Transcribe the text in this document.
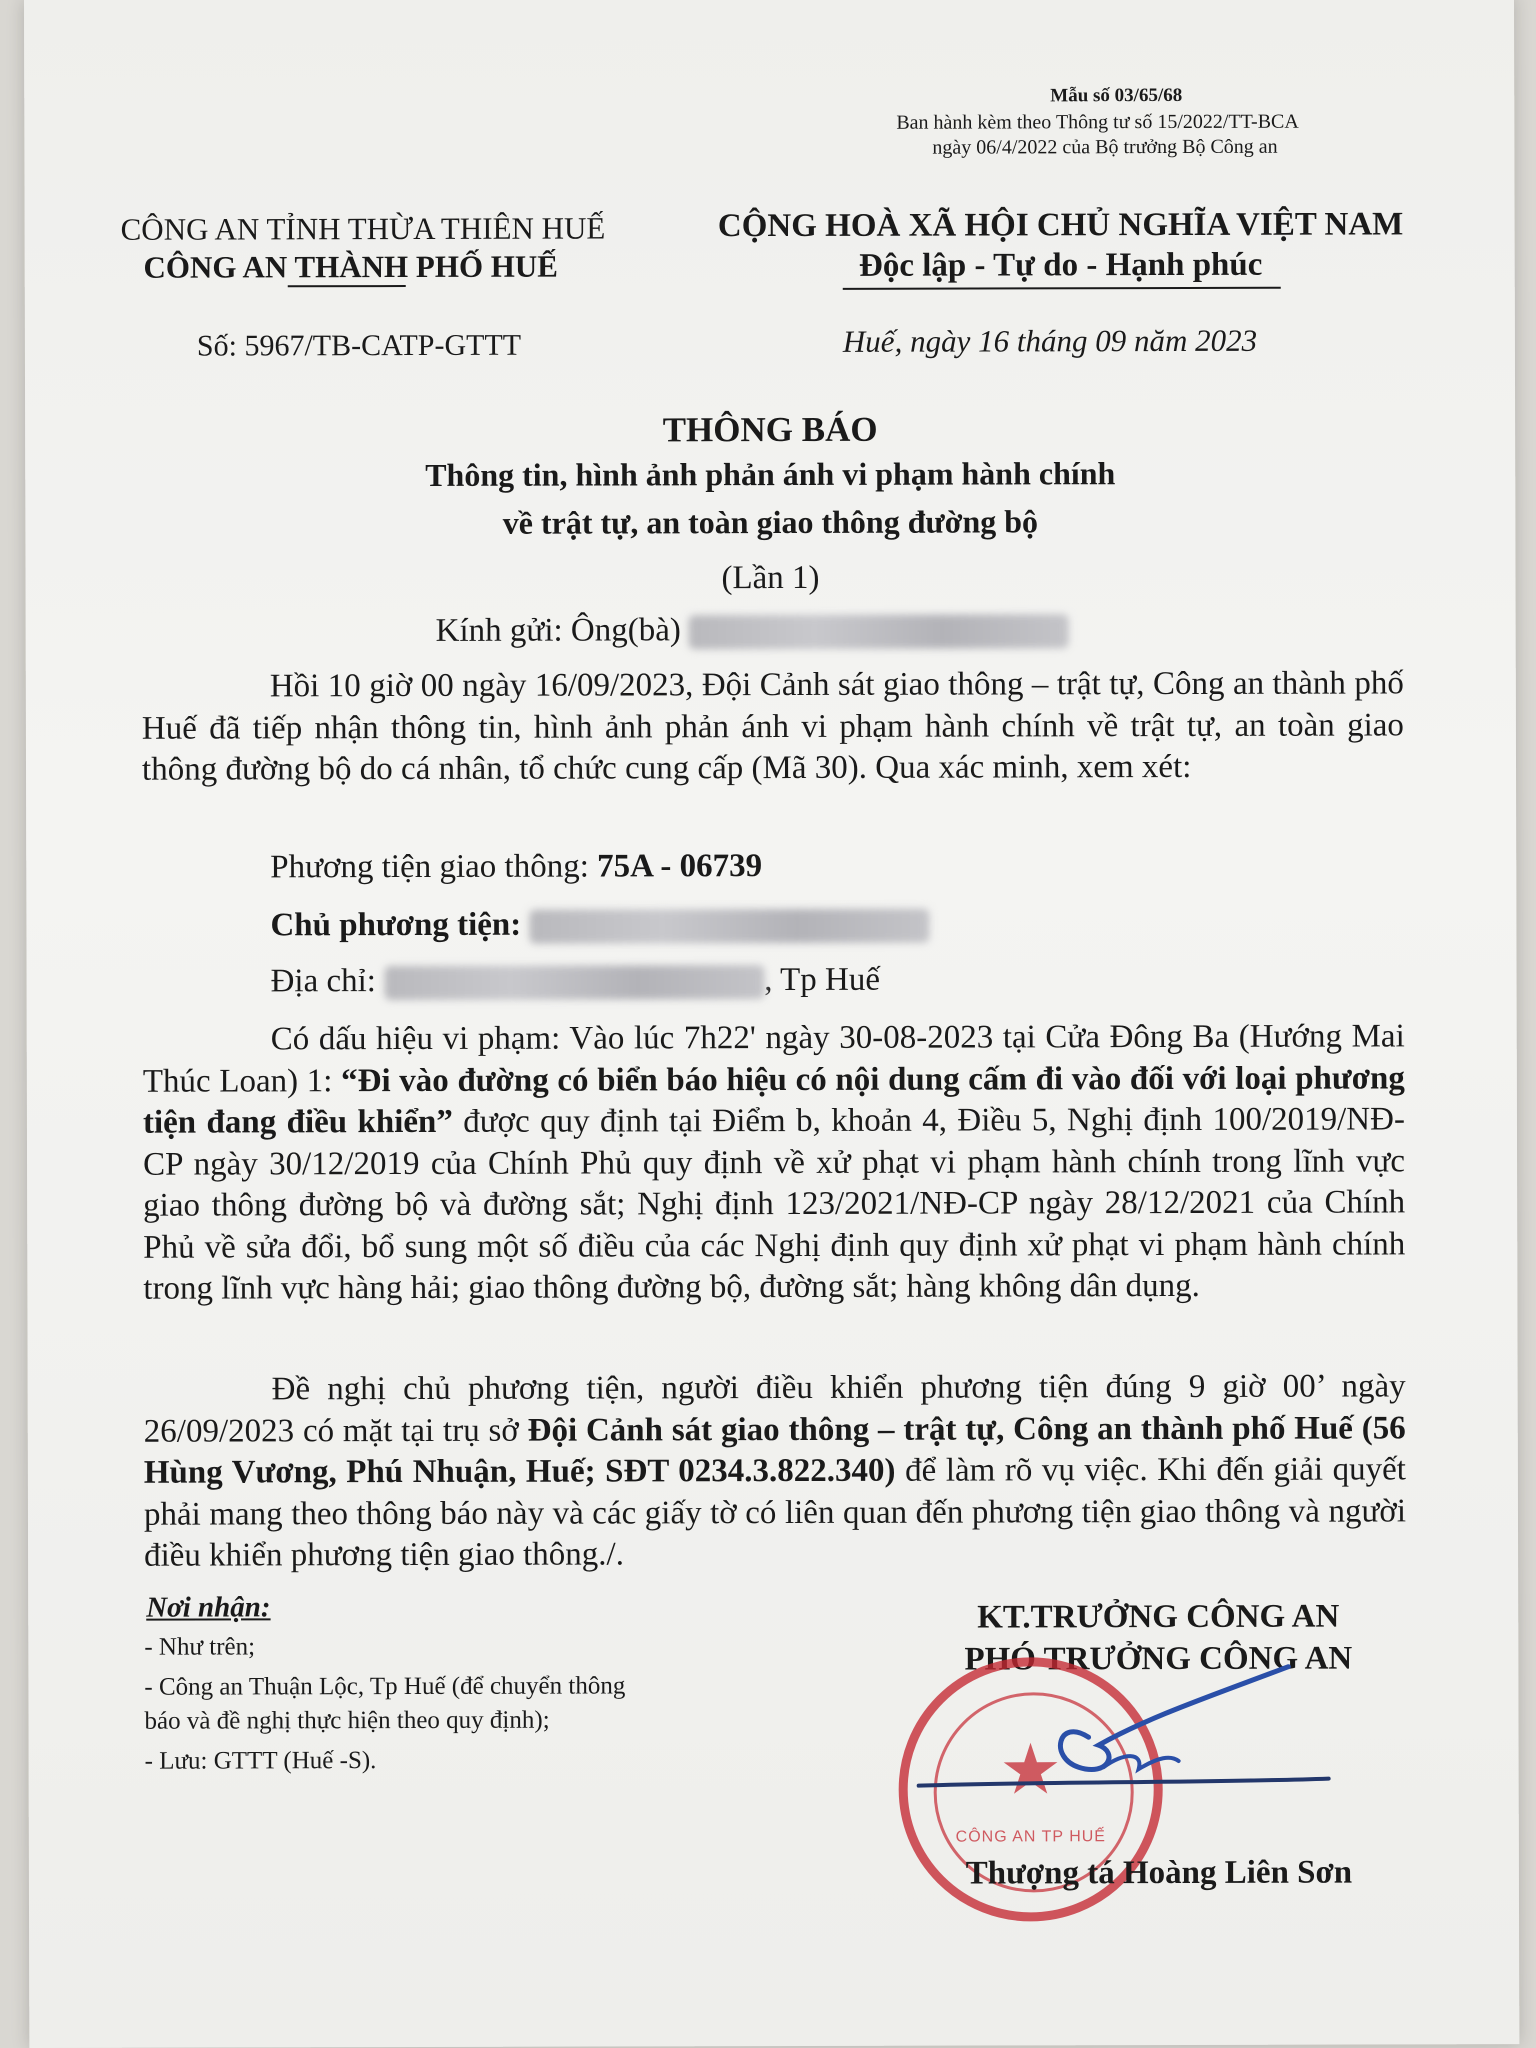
Mẫu số 03/65/68
Ban hành kèm theo Thông tư số 15/2022/TT-BCA
ngày 06/4/2022 của Bộ trưởng Bộ Công an
CÔNG AN TỈNH THỪA THIÊN HUẾ
CÔNG AN THÀNH PHỐ HUẾ
Số: 5967/TB-CATP-GTTT
CỘNG HOÀ XÃ HỘI CHỦ NGHĨA VIỆT NAM
Độc lập - Tự do - Hạnh phúc
Huế, ngày 16 tháng 09 năm 2023
THÔNG BÁO
Thông tin, hình ảnh phản ánh vi phạm hành chính
về trật tự, an toàn giao thông đường bộ
(Lần 1)
Kính gửi: Ông(bà)
Hồi 10 giờ 00 ngày 16/09/2023, Đội Cảnh sát giao thông – trật tự, Công an thành phố Huế đã tiếp nhận thông tin, hình ảnh phản ánh vi phạm hành chính về trật tự, an toàn giao thông đường bộ do cá nhân, tổ chức cung cấp (Mã 30). Qua xác minh, xem xét:
Phương tiện giao thông: 75A - 06739
Chủ phương tiện:
Địa chỉ:	, Tp Huế
Có dấu hiệu vi phạm: Vào lúc 7h22' ngày 30-08-2023 tại Cửa Đông Ba (Hướng Mai Thúc Loan) 1: “Đi vào đường có biển báo hiệu có nội dung cấm đi vào đối với loại phương tiện đang điều khiển” được quy định tại Điểm b, khoản 4, Điều 5, Nghị định 100/2019/NĐ-CP ngày 30/12/2019 của Chính Phủ quy định về xử phạt vi phạm hành chính trong lĩnh vực giao thông đường bộ và đường sắt; Nghị định 123/2021/NĐ-CP ngày 28/12/2021 của Chính Phủ về sửa đổi, bổ sung một số điều của các Nghị định quy định xử phạt vi phạm hành chính trong lĩnh vực hàng hải; giao thông đường bộ, đường sắt; hàng không dân dụng.
Đề nghị chủ phương tiện, người điều khiển phương tiện đúng 9 giờ 00’ ngày 26/09/2023 có mặt tại trụ sở Đội Cảnh sát giao thông – trật tự, Công an thành phố Huế (56 Hùng Vương, Phú Nhuận, Huế; SĐT 0234.3.822.340) để làm rõ vụ việc. Khi đến giải quyết phải mang theo thông báo này và các giấy tờ có liên quan đến phương tiện giao thông và người điều khiển phương tiện giao thông./.
Nơi nhận:
- Như trên;
- Công an Thuận Lộc, Tp Huế (để chuyển thông
báo và đề nghị thực hiện theo quy định);
- Lưu: GTTT (Huế -S).
KT.TRƯỞNG CÔNG AN
PHÓ TRƯỞNG CÔNG AN
★
CÔNG AN TP HUẾ
Thượng tá Hoàng Liên Sơn
